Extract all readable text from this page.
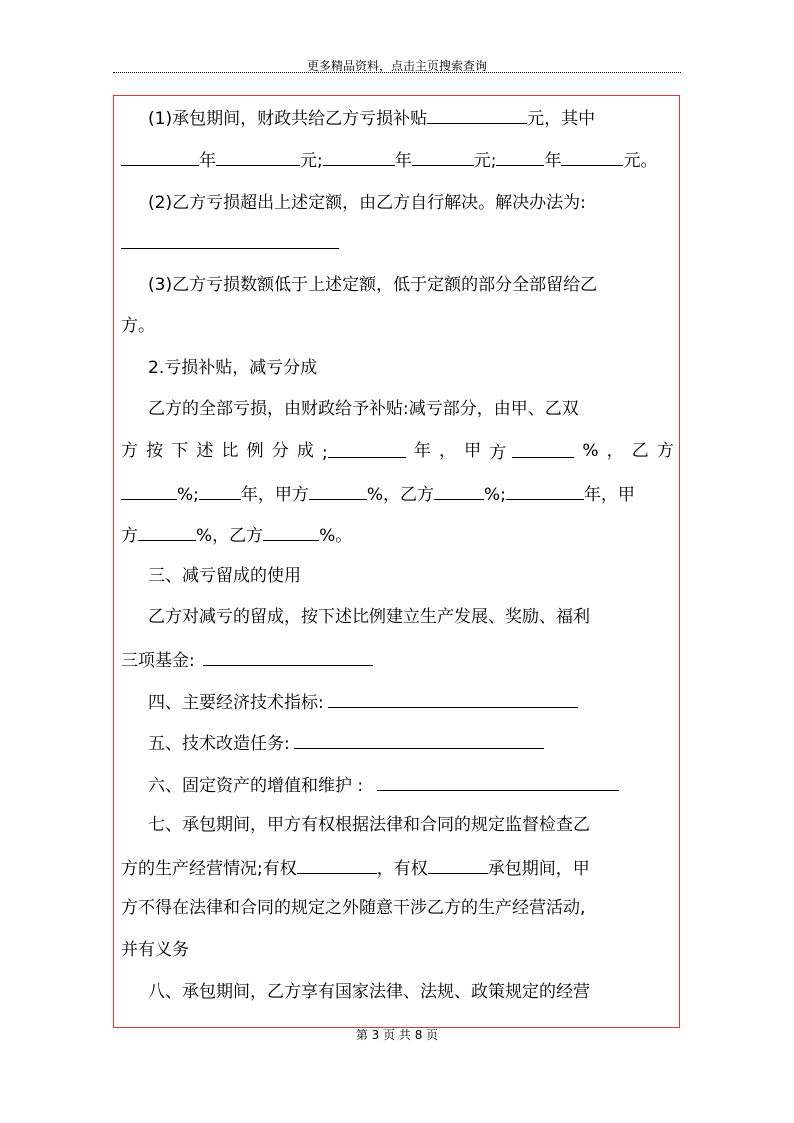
更多精品资料，点击主页搜索查询
(1)承包期间，财政共给乙方亏损补贴	元，其中
年	元;	年	元;	年	元。
(2)乙方亏损超出上述定额，由乙方自行解决。解决办法为:
(3)乙方亏损数额低于上述定额，低于定额的部分全部留给乙
方。
2.亏损补贴，减亏分成
乙方的全部亏损，由财政给予补贴:减亏部分，由甲、乙双
方 按 下 述 比 例 分 成 ;	年 ， 甲 方	% ， 乙 方
%; 年，甲方	%，乙方	%;	年，甲
方	%，乙方	%。
三、减亏留成的使用
乙方对减亏的留成，按下述比例建立生产发展、奖励、福利
三项基金:
四、主要经济技术指标:
五、技术改造任务:
六、固定资产的增值和维护 :
七、承包期间，甲方有权根据法律和合同的规定监督检查乙
方的生产经营情况;有权	，有权	承包期间，甲
方不得在法律和合同的规定之外随意干涉乙方的生产经营活动,
并有义务
八、承包期间，乙方享有国家法律、法规、政策规定的经营
第 3 页 共 8 页
